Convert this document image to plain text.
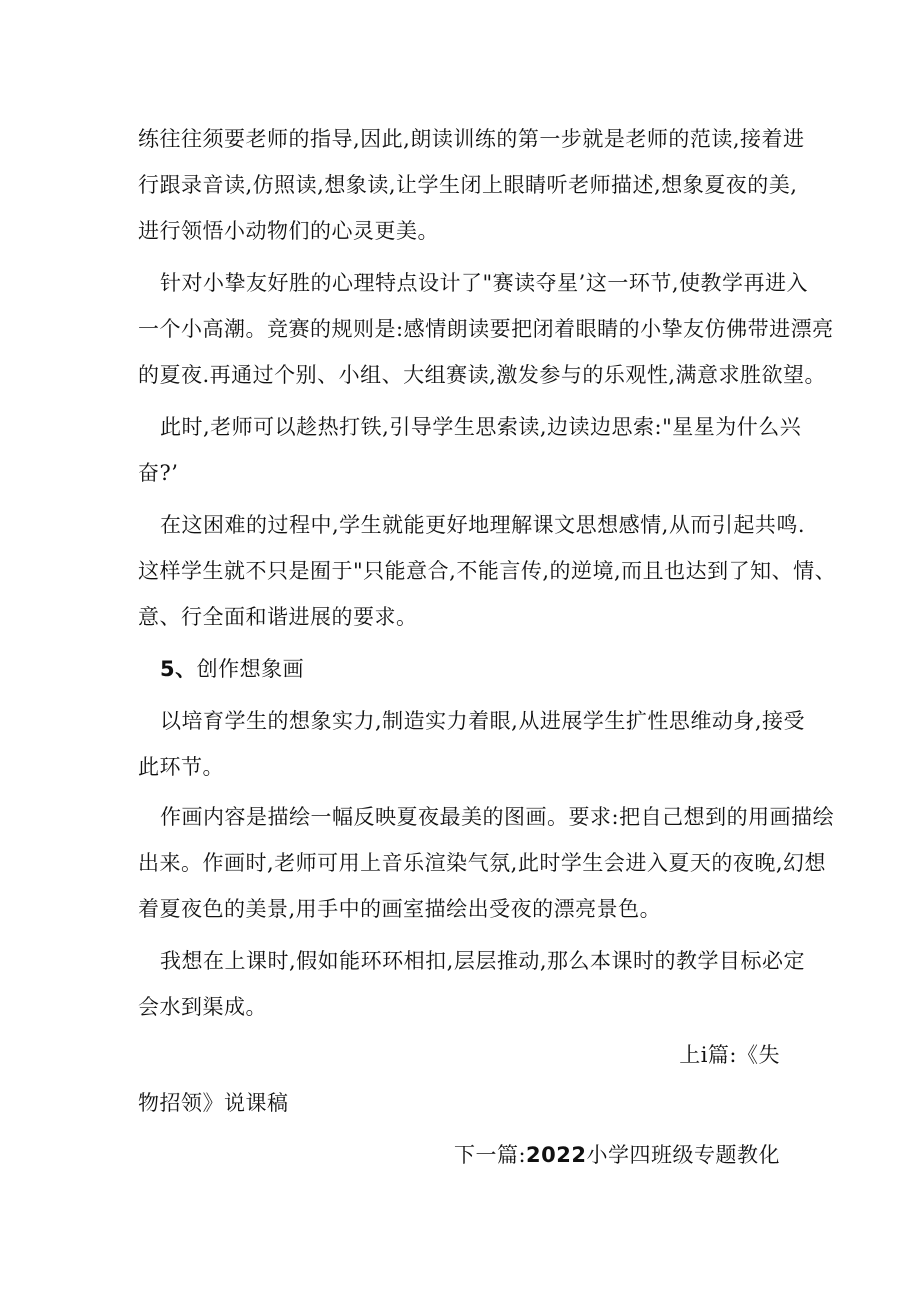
练往往须要老师的指导,因此,朗读训练的第一步就是老师的范读,接着进
行跟录音读,仿照读,想象读,让学生闭上眼睛听老师描述,想象夏夜的美,
进行领悟小动物们的心灵更美。
针对小挚友好胜的心理特点设计了"赛读夺星’这一环节,使教学再进入
一个小高潮。竞赛的规则是:感情朗读要把闭着眼睛的小挚友仿佛带进漂亮
的夏夜.再通过个别、小组、大组赛读,激发参与的乐观性,满意求胜欲望。
此时,老师可以趁热打铁,引导学生思索读,边读边思索:"星星为什么兴
奋?’
在这困难的过程中,学生就能更好地理解课文思想感情,从而引起共鸣.
这样学生就不只是囿于"只能意合,不能言传,的逆境,而且也达到了知、情、
意、行全面和谐进展的要求。
5、创作想象画
以培育学生的想象实力,制造实力着眼,从进展学生扩性思维动身,接受
此环节。
作画内容是描绘一幅反映夏夜最美的图画。要求:把自己想到的用画描绘
出来。作画时,老师可用上音乐渲染气氛,此时学生会进入夏天的夜晚,幻想
着夏夜色的美景,用手中的画室描绘出受夜的漂亮景色。
我想在上课时,假如能环环相扣,层层推动,那么本课时的教学目标必定
会水到渠成。
上i篇:《失
物招领》说课稿
下一篇:2022小学四班级专题教化
